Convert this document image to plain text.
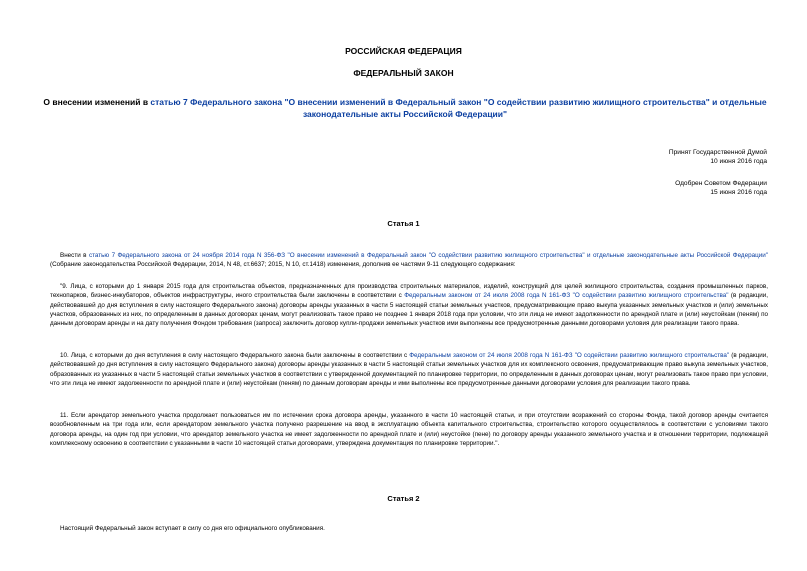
РОССИЙСКАЯ ФЕДЕРАЦИЯ
ФЕДЕРАЛЬНЫЙ ЗАКОН
О внесении изменений в статью 7 Федерального закона "О внесении изменений в Федеральный закон "О содействии развитию жилищного строительства" и отдельные законодательные акты Российской Федерации"
Принят Государственной Думой
10 июня 2016 года
Одобрен Советом Федерации
15 июня 2016 года
Статья 1
Внести в статью 7 Федерального закона от 24 ноября 2014 года N 356-ФЗ "О внесении изменений в Федеральный закон "О содействии развитию жилищного строительства" и отдельные законодательные акты Российской Федерации" (Собрание законодательства Российской Федерации, 2014, N 48, ст.6637; 2015, N 10, ст.1418) изменения, дополнив ее частями 9-11 следующего содержания:
"9. Лица, с которыми до 1 января 2015 года для строительства объектов, предназначенных для производства строительных материалов, изделий, конструкций для целей жилищного строительства, создания промышленных парков, технопарков, бизнес-инкубаторов, объектов инфраструктуры, иного строительства были заключены в соответствии с Федеральным законом от 24 июля 2008 года N 161-ФЗ "О содействии развитию жилищного строительства" (в редакции, действовавшей до дня вступления в силу настоящего Федерального закона) договоры аренды указанных в части 5 настоящей статьи земельных участков, предусматривающие право выкупа указанных земельных участков и (или) земельных участков, образованных из них, по определенным в данных договорах ценам, могут реализовать такое право не позднее 1 января 2018 года при условии, что эти лица не имеют задолженности по арендной плате и (или) неустойкам (пеням) по данным договорам аренды и на дату получения Фондом требования (запроса) заключить договор купли-продажи земельных участков ими выполнены все предусмотренные данными договорами условия для реализации такого права.
10. Лица, с которыми до дня вступления в силу настоящего Федерального закона были заключены в соответствии с Федеральным законом от 24 июля 2008 года N 161-ФЗ "О содействии развитию жилищного строительства" (в редакции, действовавшей до дня вступления в силу настоящего Федерального закона) договоры аренды указанных в части 5 настоящей статьи земельных участков для их комплексного освоения, предусматривающие право выкупа земельных участков, образованных из указанных в части 5 настоящей статьи земельных участков в соответствии с утвержденной документацией по планировке территории, по определенным в данных договорах ценам, могут реализовать такое право при условии, что эти лица не имеют задолженности по арендной плате и (или) неустойкам (пеням) по данным договорам аренды и ими выполнены все предусмотренные данными договорами условия для реализации такого права.
11. Если арендатор земельного участка продолжает пользоваться им по истечении срока договора аренды, указанного в части 10 настоящей статьи, и при отсутствии возражений со стороны Фонда, такой договор аренды считается возобновленным на три года или, если арендатором земельного участка получено разрешение на ввод в эксплуатацию объекта капитального строительства, строительство которого осуществлялось в соответствии с условиями такого договора аренды, на один год при условии, что арендатор земельного участка не имеет задолженности по арендной плате и (или) неустойке (пене) по договору аренды указанного земельного участка и в отношении территории, подлежащей комплексному освоению в соответствии с указанными в части 10 настоящей статьи договорами, утверждена документация по планировке территории.".
Статья 2
Настоящий Федеральный закон вступает в силу со дня его официального опубликования.
